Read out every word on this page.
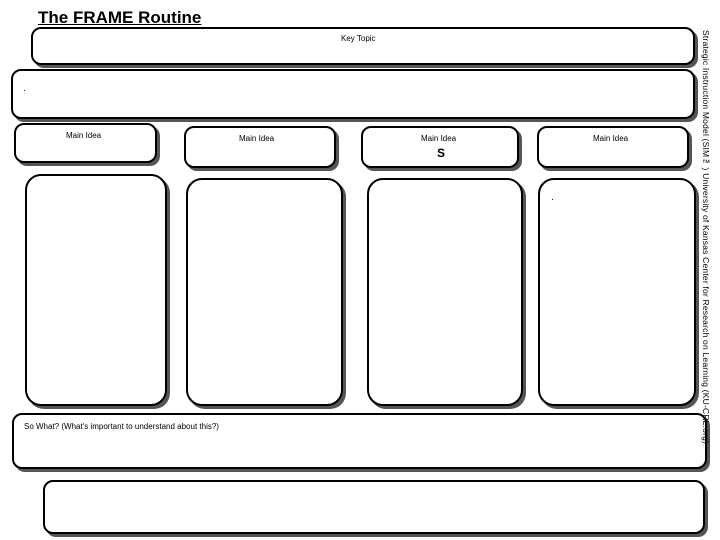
The FRAME Routine
Key Topic
.
Main Idea	Main Idea	Main Idea
S
Main Idea
.
So What? (What's important to understand about this?)	Strategic Instruction Model (SIM™) University of Kansas Center for Research on Learning (KU-CRL.org)
